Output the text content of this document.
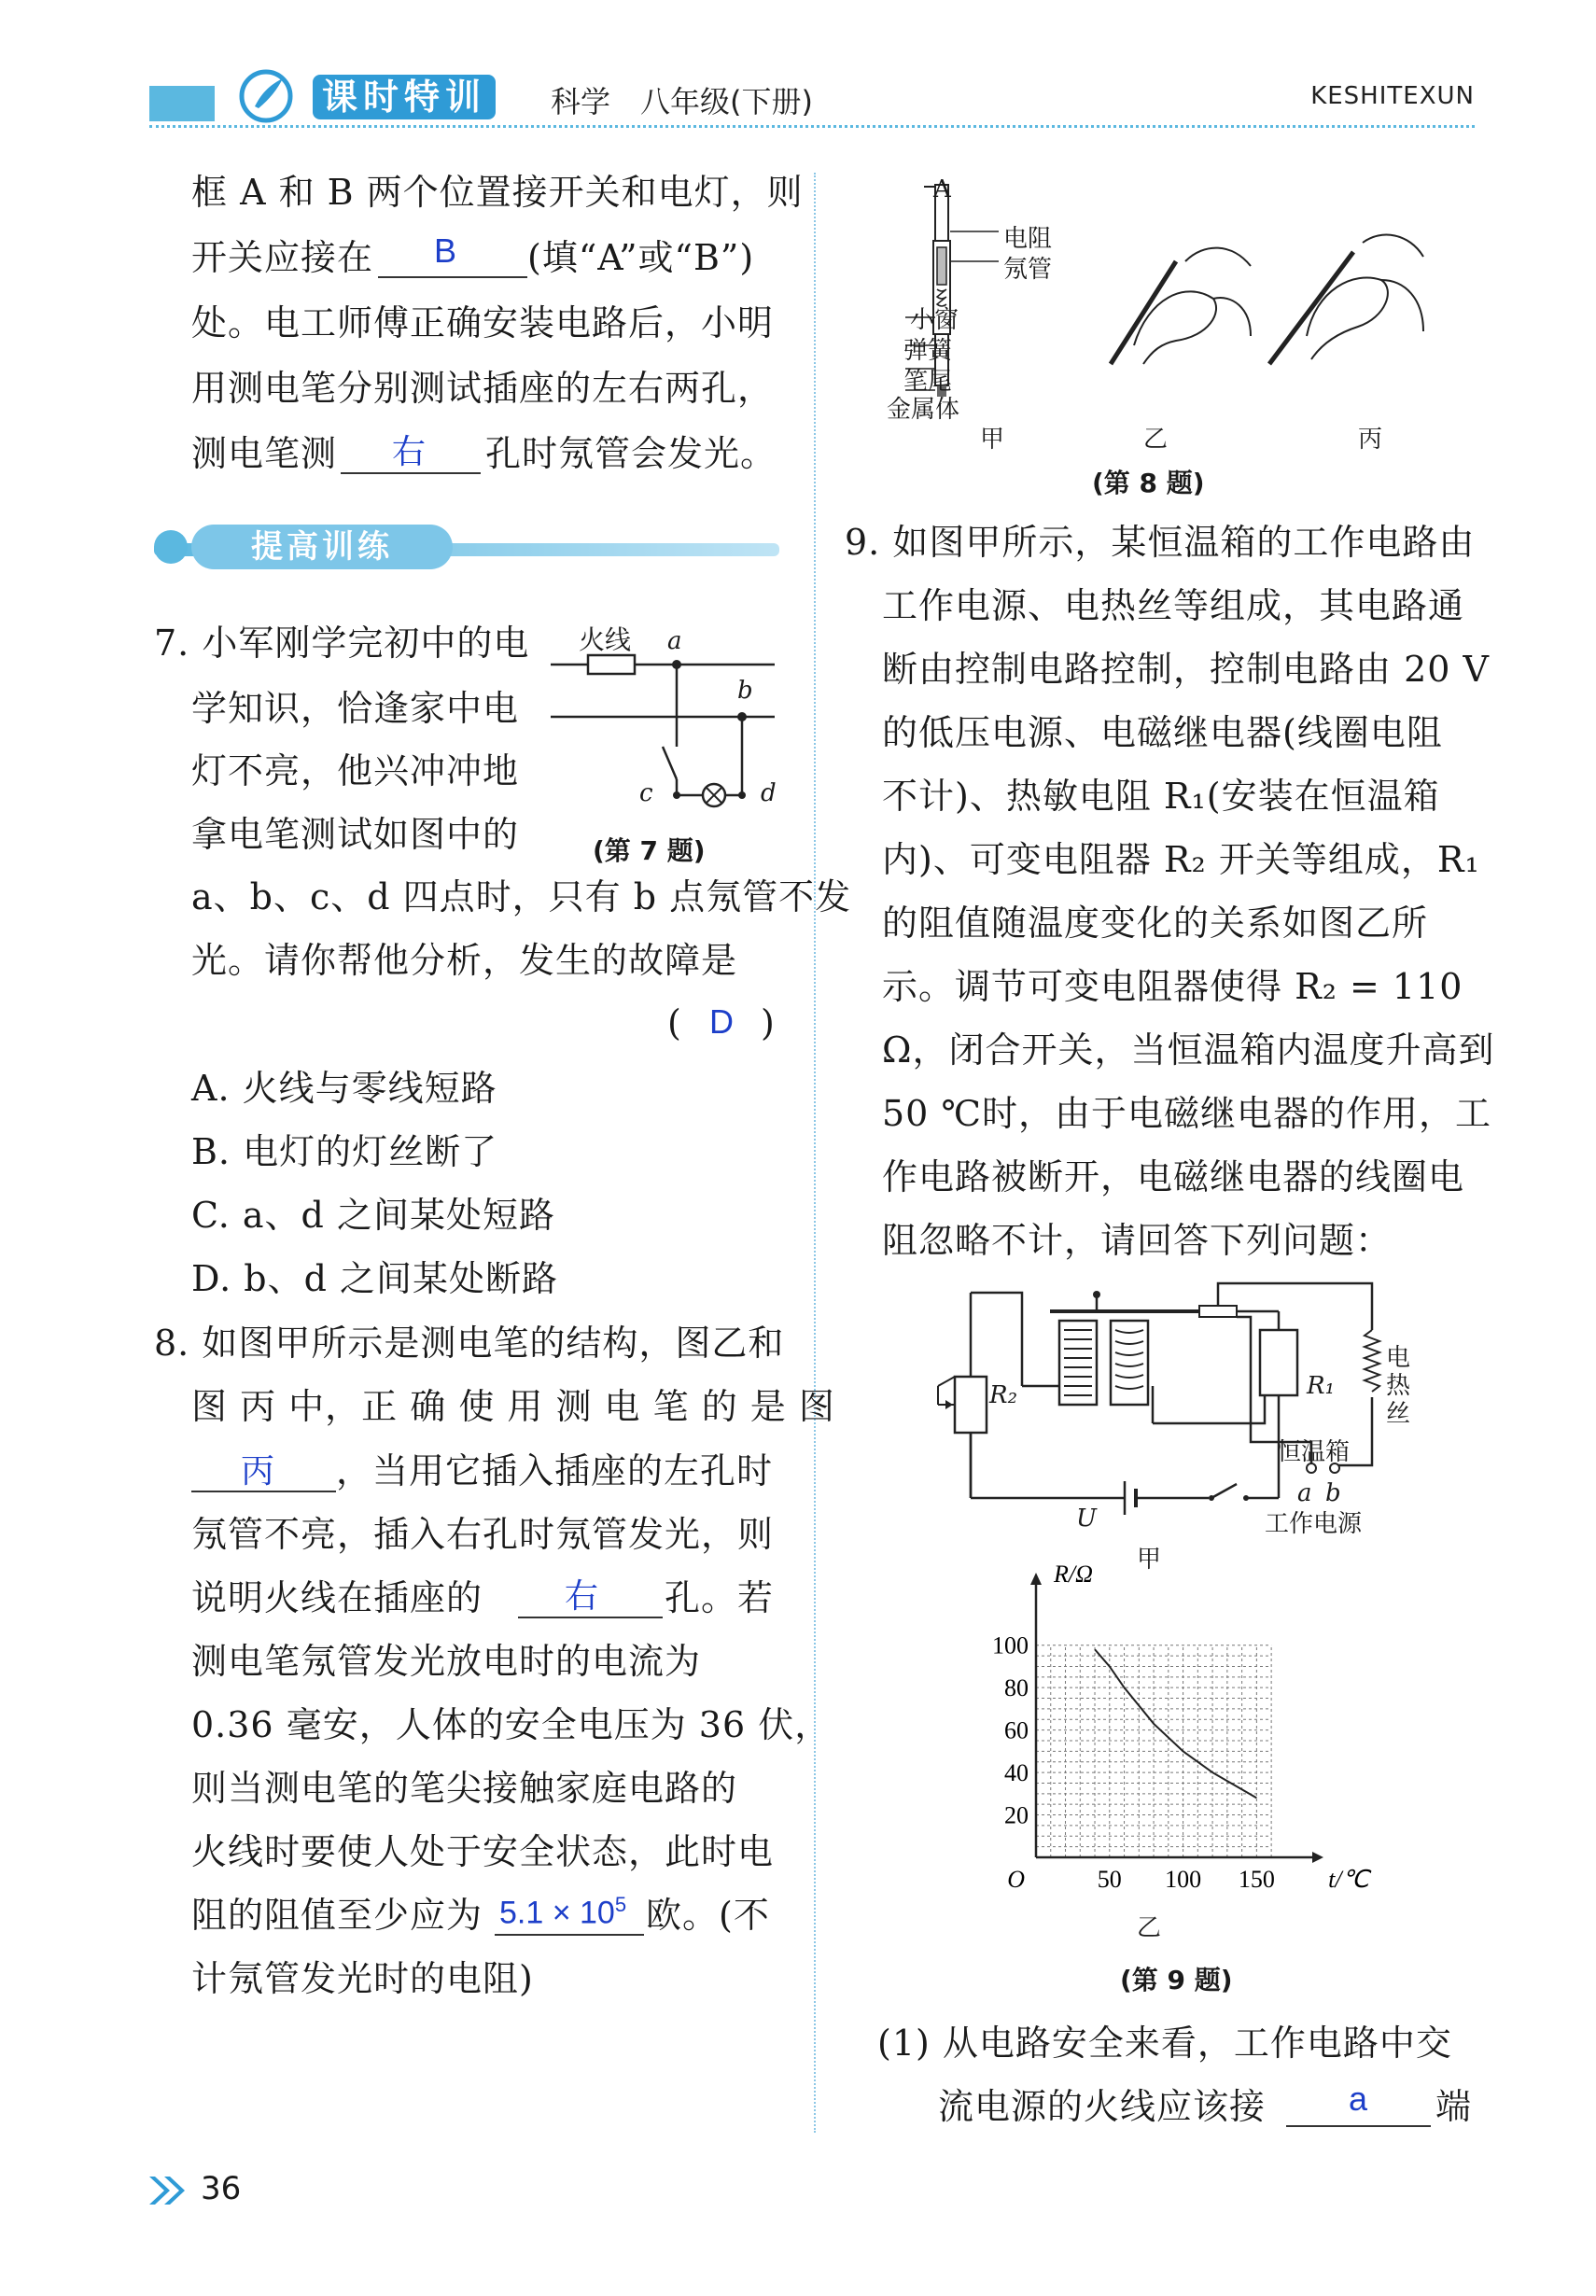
课时特训	科学　八年级(下册)	KESHITEXUN
框 A 和 B 两个位置接开关和电灯，则
开关应接在 B (填“A”或“B”)
处。电工师傅正确安装电路后，小明
用测电笔分别测试插座的左右两孔，
测电笔测 右 孔时氖管会发光。
提高训练
7. 小军刚学完初中的电
学知识，恰逢家中电
灯不亮，他兴冲冲地
拿电笔测试如图中的
a、b、c、d 四点时，只有 b 点氖管不发
光。请你帮他分析，发生的故障是
( D )
A. 火线与零线短路
B. 电灯的灯丝断了
C. a、d 之间某处短路
D. b、d 之间某处断路
火线 a
b
c	d
(第 7 题)
8. 如图甲所示是测电笔的结构，图乙和
图 丙 中，正 确 使 用 测 电 笔 的 是 图
丙 ，当用它插入插座的左孔时
氖管不亮，插入右孔时氖管发光，则
说明火线在插座的 右 孔。若
测电笔氖管发光放电时的电流为
0.36 毫安，人体的安全电压为 36 伏，
则当测电笔的笔尖接触家庭电路的
火线时要使人处于安全状态，此时电
阻的阻值至少应为 $5.1 \times 10^5$ 欧。(不
计氖管发光时的电阻)
A
电阻
氖管
小窗
弹簧
笔尾
金属体
甲	乙	丙
(第 8 题)
9. 如图甲所示，某恒温箱的工作电路由
工作电源、电热丝等组成，其电路通
断由控制电路控制，控制电路由 20 V
的低压电源、电磁继电器(线圈电阻
不计)、热敏电阻 R₁(安装在恒温箱
内)、可变电阻器 R₂ 开关等组成，R₁
的阻值随温度变化的关系如图乙所
示。调节可变电阻器使得 R₂ = 110
Ω，闭合开关，当恒温箱内温度升高到
50 ℃时，由于电磁继电器的作用，工
作电路被断开，电磁继电器的线圈电
阻忽略不计，请回答下列问题：
R₂	R₁
电热丝
恒温箱
a b
工作电源
U
甲
50 100 150
20
40
60
80
100
O	t/℃
R/Ω
乙
(第 9 题)
(1) 从电路安全来看，工作电路中交
流电源的火线应该接 a 端
36
